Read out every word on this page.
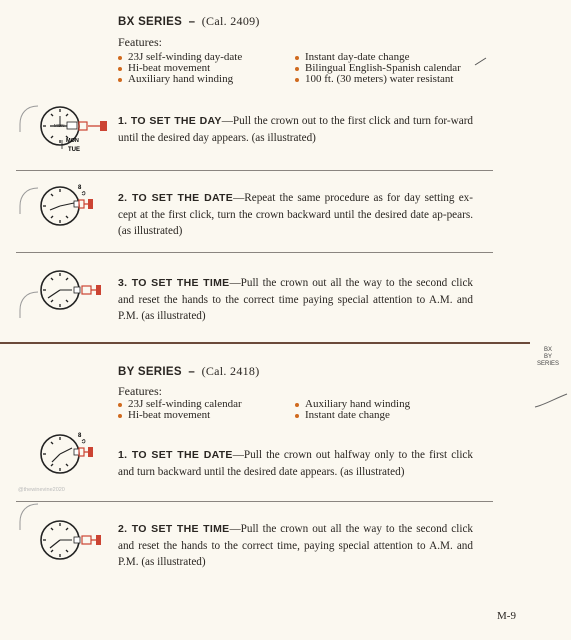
BX SERIES – (Cal. 2409)
Features:
23J self-winding day-date
Hi-beat movement
Auxiliary hand winding
Instant day-date change
Bilingual English-Spanish calendar
100 ft. (30 meters) water resistant
MON
TUE
MON	1. TO SET THE DAY—Pull the crown out to the first click and turn for-ward until the desired day appears. (as illustrated)
8
2. TO SET THE DATE—Repeat the same procedure as for day setting ex-cept at the first click, turn the crown backward until the desired date ap-pears. (as illustrated)
3. TO SET THE TIME—Pull the crown out all the way to the second click and reset the hands to the correct time paying special attention to A.M. and P.M. (as illustrated)
BX
BY
SERIES
BY SERIES – (Cal. 2418)
Features:
23J self-winding calendar
Hi-beat movement
Auxiliary hand winding
Instant date change
8
1. TO SET THE DATE—Pull the crown out halfway only to the first click and turn backward until the desired date appears. (as illustrated)
@thewinevine2020
2. TO SET THE TIME—Pull the crown out all the way to the second click and reset the hands to the correct time, paying special attention to A.M. and P.M. (as illustrated)
M-9
